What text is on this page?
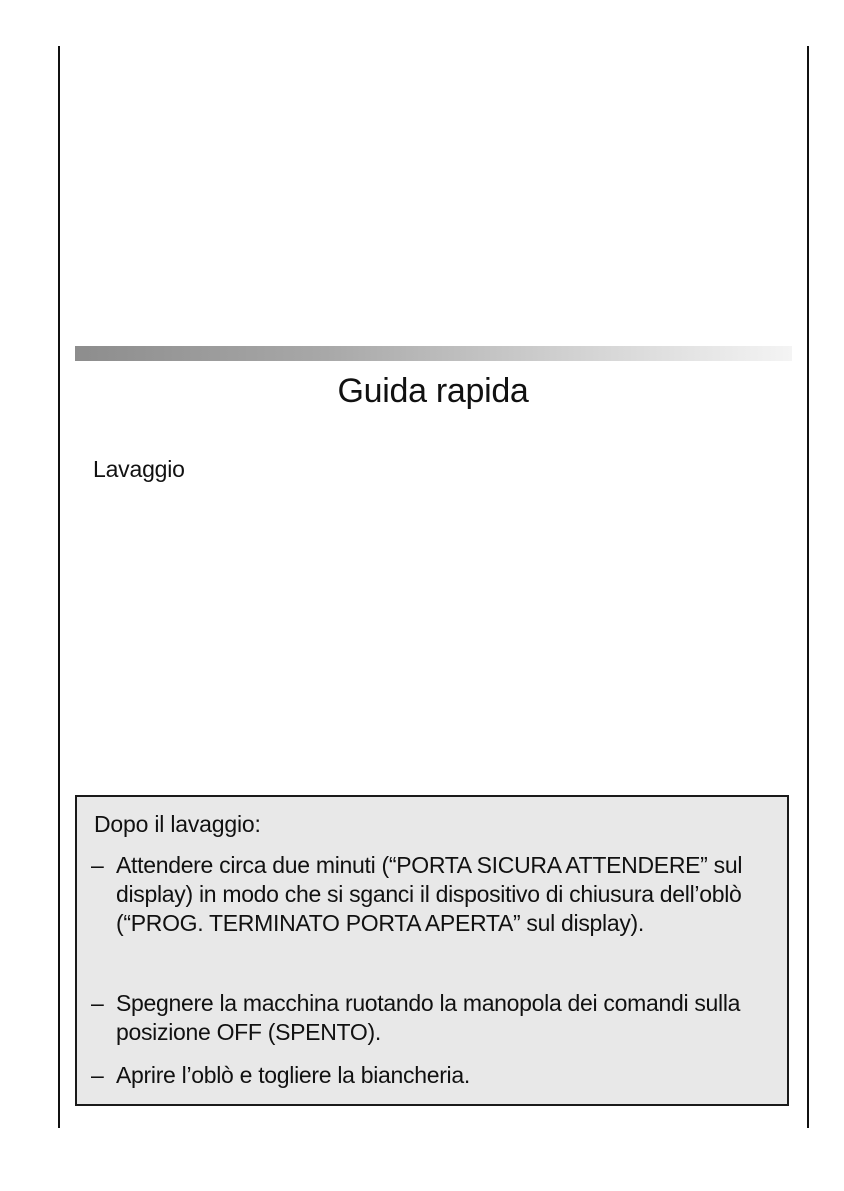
Guida rapida
Lavaggio
Dopo il lavaggio:
– Attendere circa due minuti (“PORTA SICURA ATTENDERE” sul display) in modo che si sganci il dispositivo di chiusura dell’oblò (“PROG. TERMINATO PORTA APERTA” sul display).
– Spegnere la macchina ruotando la manopola dei comandi sulla posizione OFF (SPENTO).
– Aprire l’oblò e togliere la biancheria.
